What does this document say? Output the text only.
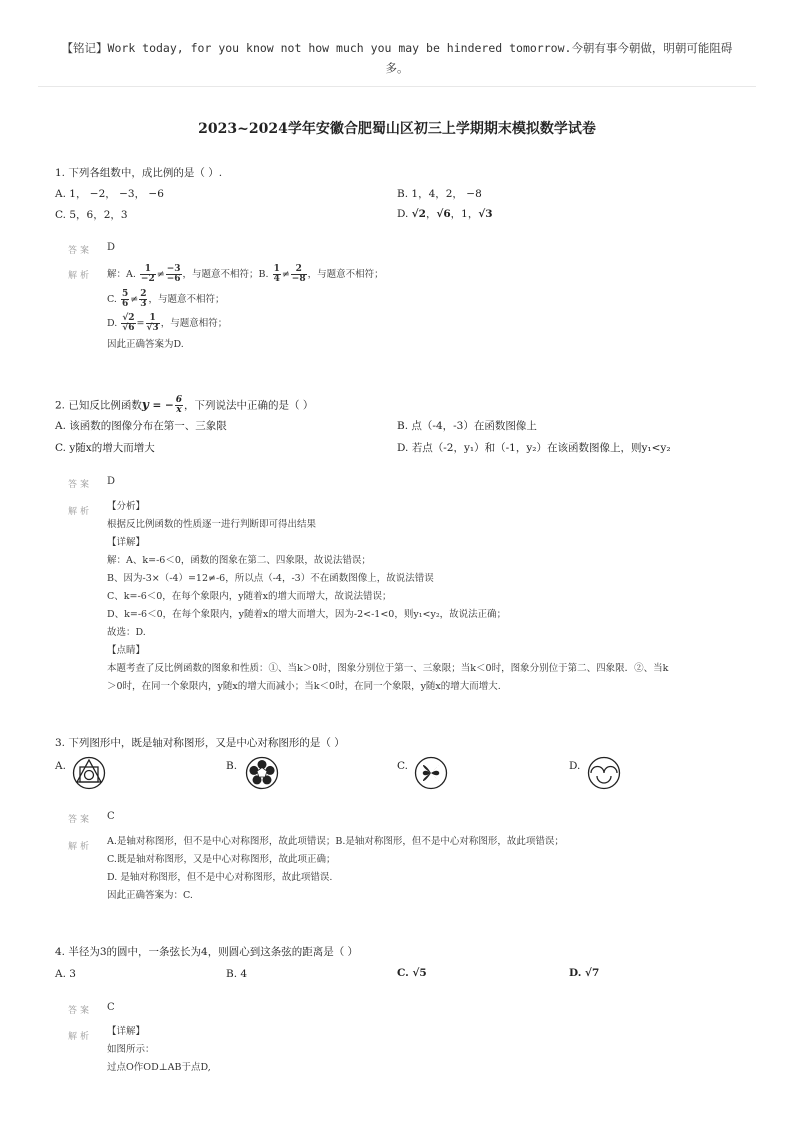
【铭记】Work today, for you know not how much you may be hindered tomorrow.今朝有事今朝做，明朝可能阻碍
多。
2023~2024学年安徽合肥蜀山区初三上学期期末模拟数学试卷
1. 下列各组数中，成比例的是（ ）.
A. 1， −2， −3， −6	B. 1，4，2， −8
C. 5，6，2，3	D. √2，√6，1，√3
答案 D
解析 解：A. $\frac{1}{-2} \ne \frac{-3}{-6}$ ，与题意不相符；B. $\frac{1}{4} \ne \frac{2}{-8}$ ，与题意不相符；
C. $\frac{5}{6} \ne \frac{2}{3}$ ，与题意不相符；
D. $\frac{√2}{√6} = \frac{1}{√3}$ ，与题意相符；
因此正确答案为D.
2. 已知反比例函数y = − $\frac{6}{x}$ ，下列说法中正确的是（ ）
A. 该函数的图像分布在第一、三象限	B. 点（-4，-3）在函数图像上
C. y随x的增大而增大	D. 若点（-2，y₁）和（-1，y₂）在该函数图像上，则y₁<y₂
答案 D
解析 【分析】
根据反比例函数的性质逐一进行判断即可得出结果
【详解】
解：A、k=-6＜0，函数的图象在第二、四象限，故说法错误；
B、因为-3×（-4）=12≠-6，所以点（-4，-3）不在函数图像上，故说法错误
C、k=-6＜0，在每个象限内，y随着x的增大而增大，故说法错误；
D、k=-6＜0，在每个象限内，y随着x的增大而增大，因为-2<-1<0，则y₁<y₂，故说法正确；
故选：D.
【点睛】
本题考查了反比例函数的图象和性质：①、当k＞0时，图象分别位于第一、三象限；当k＜0时，图象分别位于第二、四象限．②、当k
＞0时，在同一个象限内，y随x的增大而减小；当k＜0时，在同一个象限，y随x的增大而增大.
3. 下列图形中，既是轴对称图形，又是中心对称图形的是（ ）
A.	B.	C.	D.
答案 C
解析 A.是轴对称图形，但不是中心对称图形，故此项错误；B.是轴对称图形，但不是中心对称图形，故此项错误；
C.既是轴对称图形，又是中心对称图形，故此项正确；
D. 是轴对称图形，但不是中心对称图形，故此项错误.
因此正确答案为：C.
4. 半径为3的圆中，一条弦长为4，则圆心到这条弦的距离是（ ）
A. 3	B. 4	C. √5	D. √7
答案 C
解析 【详解】
如图所示：
过点O作OD⊥AB于点D,
